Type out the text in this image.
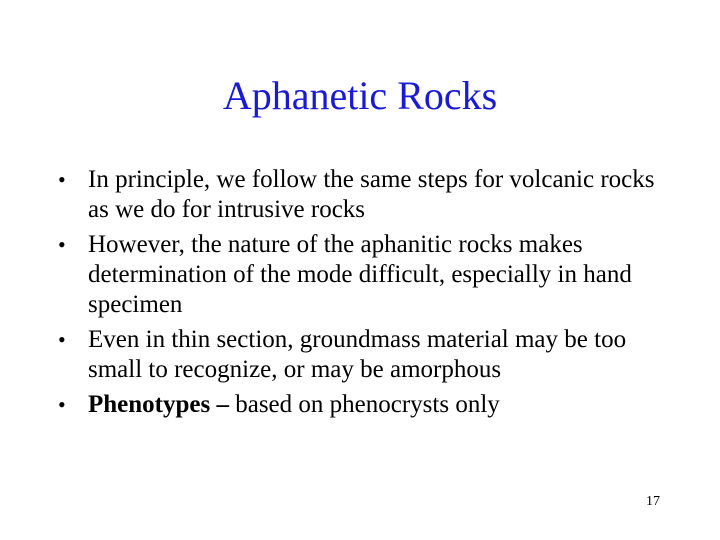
Aphanetic Rocks
• In principle, we follow the same steps for volcanic rocks as we do for intrusive rocks
• However, the nature of the aphanitic rocks makes determination of the mode difficult, especially in hand specimen
• Even in thin section, groundmass material may be too small to recognize, or may be amorphous
• Phenotypes – based on phenocrysts only
17
